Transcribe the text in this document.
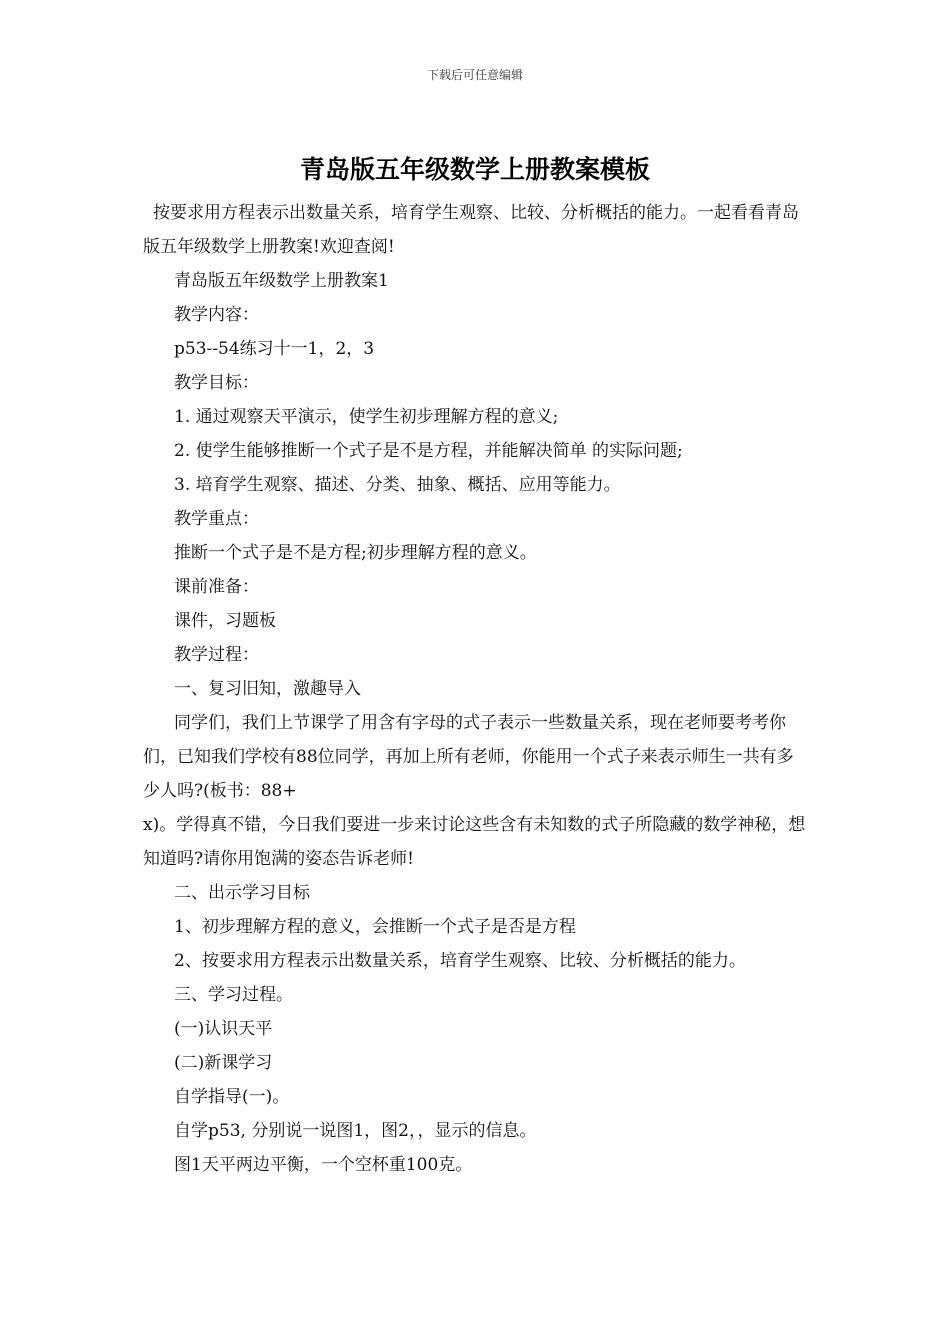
下载后可任意编辑
青岛版五年级数学上册教案模板

按要求用方程表示出数量关系，培育学生观察、比较、分析概括的能力。一起看看青岛版五年级数学上册教案!欢迎查阅!

青岛版五年级数学上册教案1

教学内容：

p53--54练习十一1，2，3

教学目标：

1. 通过观察天平演示，使学生初步理解方程的意义;

2. 使学生能够推断一个式子是不是方程，并能解决简单 的实际问题;

3. 培育学生观察、描述、分类、抽象、概括、应用等能力。

教学重点：

推断一个式子是不是方程;初步理解方程的意义。

课前准备：

课件，习题板

教学过程：

一、复习旧知，激趣导入

同学们，我们上节课学了用含有字母的式子表示一些数量关系，现在老师要考考你们，已知我们学校有88位同学，再加上所有老师，你能用一个式子来表示师生一共有多少人吗?(板书：88+

x)。学得真不错，今日我们要进一步来讨论这些含有未知数的式子所隐藏的数学神秘，想知道吗?请你用饱满的姿态告诉老师!

二、出示学习目标

1、初步理解方程的意义，会推断一个式子是否是方程

2、按要求用方程表示出数量关系，培育学生观察、比较、分析概括的能力。

三、学习过程。

(一)认识天平

(二)新课学习

自学指导(一)。

自学p53, 分别说一说图1，图2，，显示的信息。

图1天平两边平衡，一个空杯重100克。
